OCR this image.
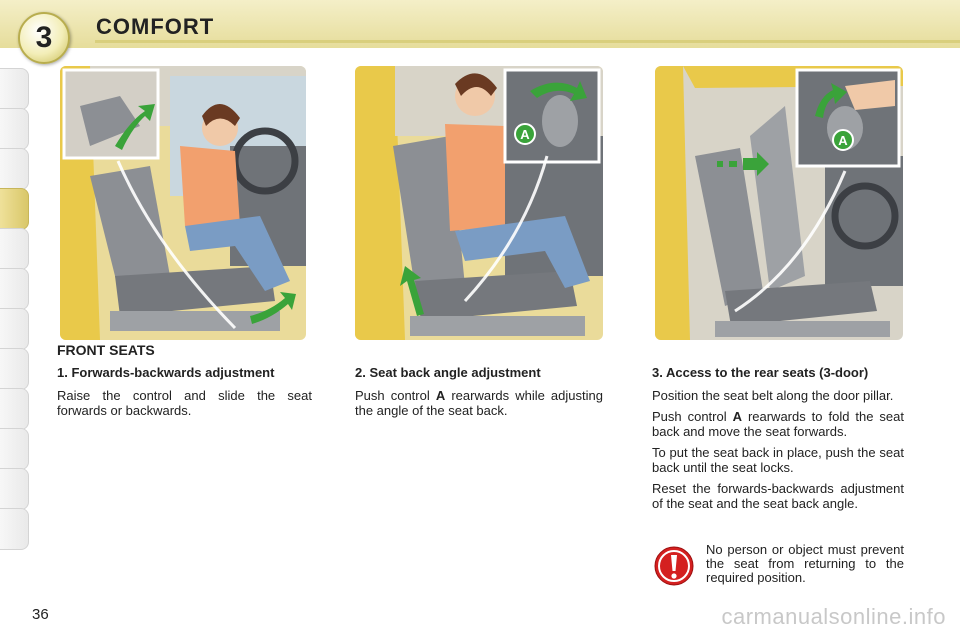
3 COMFORT
A	A
FRONT SEATS

1. Forwards-backwards adjustment

Raise the control and slide the seat forwards or backwards.

2. Seat back angle adjustment

Push control A rearwards while adjusting the angle of the seat back.

3. Access to the rear seats (3-door)

Position the seat belt along the door pillar.

Push control A rearwards to fold the seat back and move the seat forwards.

To put the seat back in place, push the seat back until the seat locks.

Reset the forwards-backwards adjustment of the seat and the seat back angle.

No person or object must prevent the seat from returning to the required position.
36	carmanualsonline.info
